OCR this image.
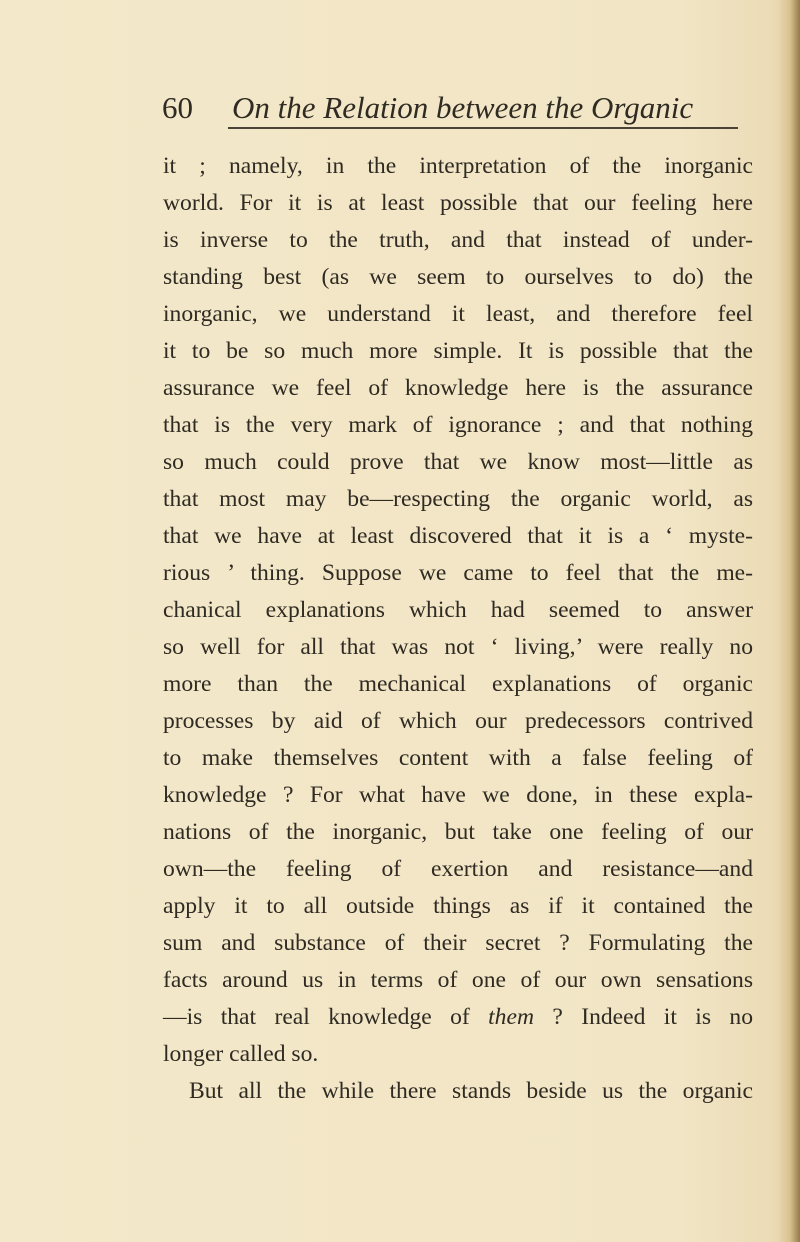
60 On the Relation between the Organic
it ; namely, in the interpretation of the inorganic
world. For it is at least possible that our feeling here
is inverse to the truth, and that instead of under-
standing best (as we seem to ourselves to do) the
inorganic, we understand it least, and therefore feel
it to be so much more simple. It is possible that the
assurance we feel of knowledge here is the assurance
that is the very mark of ignorance ; and that nothing
so much could prove that we know most—little as
that most may be—respecting the organic world, as
that we have at least discovered that it is a ‘ myste-
rious ’ thing. Suppose we came to feel that the me-
chanical explanations which had seemed to answer
so well for all that was not ‘ living,’ were really no
more than the mechanical explanations of organic
processes by aid of which our predecessors contrived
to make themselves content with a false feeling of
knowledge ? For what have we done, in these expla-
nations of the inorganic, but take one feeling of our
own—the feeling of exertion and resistance—and
apply it to all outside things as if it contained the
sum and substance of their secret ? Formulating the
facts around us in terms of one of our own sensations
—is that real knowledge of them ? Indeed it is no
longer called so.
But all the while there stands beside us the organic
